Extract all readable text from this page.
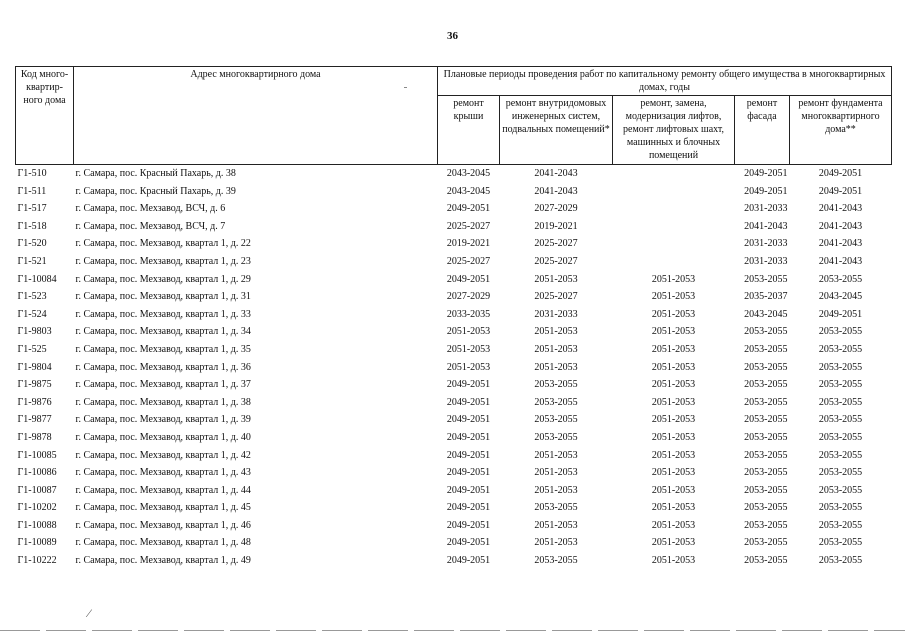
36
Код много-квартир-ного дома	Адрес многоквартирного дома	Плановые периоды проведения работ по капитальному ремонту общего имущества в многоквартирных домах, годы				
		ремонт крыши	ремонт внутридомовых инженерных систем, подвальных помещений*	ремонт, замена, модернизация лифтов, ремонт лифтовых шахт, машинных и блочных помещений	ремонт фасада	ремонт фундамента многоквартирного дома**
Г1-510	г. Самара, пос. Красный Пахарь, д. 38	2043-2045	2041-2043		2049-2051	2049-2051
Г1-511	г. Самара, пос. Красный Пахарь, д. 39	2043-2045	2041-2043		2049-2051	2049-2051
Г1-517	г. Самара, пос. Мехзавод, ВСЧ, д. 6	2049-2051	2027-2029		2031-2033	2041-2043
Г1-518	г. Самара, пос. Мехзавод, ВСЧ, д. 7	2025-2027	2019-2021		2041-2043	2041-2043
Г1-520	г. Самара, пос. Мехзавод, квартал 1, д. 22	2019-2021	2025-2027		2031-2033	2041-2043
Г1-521	г. Самара, пос. Мехзавод, квартал 1, д. 23	2025-2027	2025-2027		2031-2033	2041-2043
Г1-10084	г. Самара, пос. Мехзавод, квартал 1, д. 29	2049-2051	2051-2053	2051-2053	2053-2055	2053-2055
Г1-523	г. Самара, пос. Мехзавод, квартал 1, д. 31	2027-2029	2025-2027	2051-2053	2035-2037	2043-2045
Г1-524	г. Самара, пос. Мехзавод, квартал 1, д. 33	2033-2035	2031-2033	2051-2053	2043-2045	2049-2051
Г1-9803	г. Самара, пос. Мехзавод, квартал 1, д. 34	2051-2053	2051-2053	2051-2053	2053-2055	2053-2055
Г1-525	г. Самара, пос. Мехзавод, квартал 1, д. 35	2051-2053	2051-2053	2051-2053	2053-2055	2053-2055
Г1-9804	г. Самара, пос. Мехзавод, квартал 1, д. 36	2051-2053	2051-2053	2051-2053	2053-2055	2053-2055
Г1-9875	г. Самара, пос. Мехзавод, квартал 1, д. 37	2049-2051	2053-2055	2051-2053	2053-2055	2053-2055
Г1-9876	г. Самара, пос. Мехзавод, квартал 1, д. 38	2049-2051	2053-2055	2051-2053	2053-2055	2053-2055
Г1-9877	г. Самара, пос. Мехзавод, квартал 1, д. 39	2049-2051	2053-2055	2051-2053	2053-2055	2053-2055
Г1-9878	г. Самара, пос. Мехзавод, квартал 1, д. 40	2049-2051	2053-2055	2051-2053	2053-2055	2053-2055
Г1-10085	г. Самара, пос. Мехзавод, квартал 1, д. 42	2049-2051	2051-2053	2051-2053	2053-2055	2053-2055
Г1-10086	г. Самара, пос. Мехзавод, квартал 1, д. 43	2049-2051	2051-2053	2051-2053	2053-2055	2053-2055
Г1-10087	г. Самара, пос. Мехзавод, квартал 1, д. 44	2049-2051	2051-2053	2051-2053	2053-2055	2053-2055
Г1-10202	г. Самара, пос. Мехзавод, квартал 1, д. 45	2049-2051	2053-2055	2051-2053	2053-2055	2053-2055
Г1-10088	г. Самара, пос. Мехзавод, квартал 1, д. 46	2049-2051	2051-2053	2051-2053	2053-2055	2053-2055
Г1-10089	г. Самара, пос. Мехзавод, квартал 1, д. 48	2049-2051	2051-2053	2051-2053	2053-2055	2053-2055
Г1-10222	г. Самара, пос. Мехзавод, квартал 1, д. 49	2049-2051	2053-2055	2051-2053	2053-2055	2053-2055
⁄
